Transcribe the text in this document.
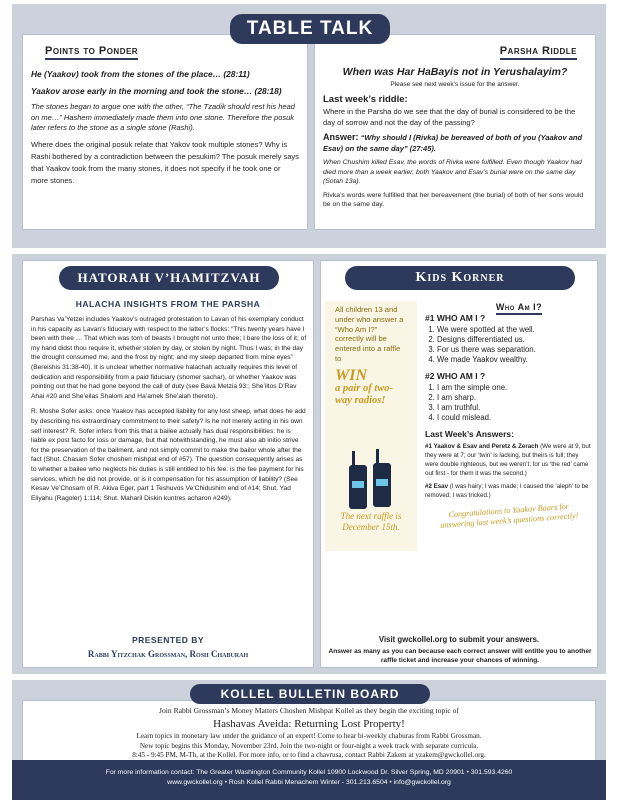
Points to Ponder

He (Yaakov) took from the stones of the place… (28:11)

Yaakov arose early in the morning and took the stone… (28:18)

The stones began to argue one with the other, “The Tzadik should rest his head on me…” Hashem immediately made them into one stone. Therefore the posuk later refers to the stone as a single stone (Rashi).

Where does the original posuk relate that Yakov took multiple stones? Why is Rashi bothered by a contradiction between the pesukim? The posuk merely says that Yaakov took from the many stones, it does not specify if he took one or more stones.

Parsha Riddle

When was Har HaBayis not in Yerushalayim?

Please see next week’s issue for the answer.

Last week’s riddle:

Where in the Parsha do we see that the day of burial is considered to be the day of sorrow and not the day of the passing?

Answer: “Why should I (Rivka) be bereaved of both of you (Yaakov and Esav) on the same day” (27:45).

When Chushim killed Esav, the words of Rivka were fulfilled. Even though Yaakov had died more than a week earlier, both Yaakov and Esav’s burial were on the same day (Sotah 13a).

Rivka’s words were fulfilled that her bereavement (the burial) of both of her sons would be on the same day.

TABLE TALK
HATORAH V’HAMITZVAH
HALACHA INSIGHTS FROM THE PARSHA

Parshas Va’Yetzei includes Yaakov’s outraged protestation to Lavan of his exemplary conduct in his capacity as Lavan’s fiduciary with respect to the latter’s flocks: “This twenty years have I been with thee … That which was torn of beasts I brought not unto thee; I bare the loss of it; of my hand didst thou require it, whether stolen by day, or stolen by night. Thus I was; in the day the drought consumed me, and the frost by night; and my sleep departed from mine eyes” (Bereishis 31:38-40). It is unclear whether normative halachah actually requires this level of dedication and responsibility from a paid fiduciary (shomer sachar), or whether Yaakov was pointing out that he had gone beyond the call of duty (see Bava Metzia 93:; She’iltos D’Rav Ahai #20 and She’eilas Shalom and Ha’amek She’alah thereto).

R. Moshe Sofer asks: once Yaakov has accepted liability for any lost sheep, what does he add by describing his extraordinary commitment to their safety? Is he not merely acting in his own self interest? R. Sofer infers from this that a bailee actually has dual responsibilities: he is liable ex post facto for loss or damage, but that notwithstanding, he must also ab initio strive for the preservation of the bailment, and not simply commit to make the bailor whole after the fact (Shut. Chasam Sofer choshen mishpat end of #57). The question consequently arises as to whether a bailee who neglects his duties is still entitled to his fee: is the fee payment for his services, which he did not provide, or is it compensation for his assumption of liability? (See Kesav Ve’Chosam of R. Akiva Eger, part 1 Teshuvos Ve’Chidushim end of #14; Shut. Yad Eliyahu (Ragoler) 1:114; Shut. Maharil Diskin kuntres acharon #249).

PRESENTED BY
Rabbi Yitzchak Grossman, Rosh Chaburah
Kids Korner
Who Am I?

All children 13 and under who answer a “Who Am I?” correctly will be entered into a raffle to

WIN
a pair of two-way radios!
The next raffle is December 15th.

#1 WHO AM I ?

1. We were spotted at the well.
2. Designs differentiated us.
3. For us there was separation.
4. We made Yaakov wealthy.

#2 WHO AM I ?

1. I am the simple one.
2. I am sharp.
3. I am truthful.
4. I could mislead.

Last Week’s Answers:

#1 Yaakov & Esav and Peretz & Zerach (We were at 9, but they were at 7; our ‘twin’ is lacking, but theirs is full; they were double righteous, but we weren’t; for us ‘the red’ came out first - for them it was the second.)

#2 Esav (I was hairy; I was made; I caused the ‘aleph’ to be removed; I was tricked.)

Congratulations to Yaakov Baars for answering last week’s questions correctly!

Visit gwckollel.org to submit your answers.
Answer as many as you can because each correct answer will entitle you to another raffle ticket and increase your chances of winning.
KOLLEL BULLETIN BOARD

Join Rabbi Grossman’s Money Matters Choshen Mishpat Kollel as they begin the exciting topic of

Hashavas Aveida: Returning Lost Property!

Learn topics in monetary law under the guidance of an expert! Come to hear bi-weekly chaburas from Rabbi Grossman.

New topic begins this Monday, November 23rd. Join the two-night or four-night a week track with separate curricula.

8:45 - 9:45 PM, M-Th, at the Kollel. For more info, or to find a chavrusa, contact Rabbi Zakem at yzakem@gwckollel.org.

For more information contact: The Greater Washington Community Kollel 10900 Lockwood Dr. Silver Spring, MD 20901 • 301.593.4260

www.gwckollel.org • Rosh Kollel Rabbi Menachem Winter - 301.213.6504 • info@gwckollel.org
